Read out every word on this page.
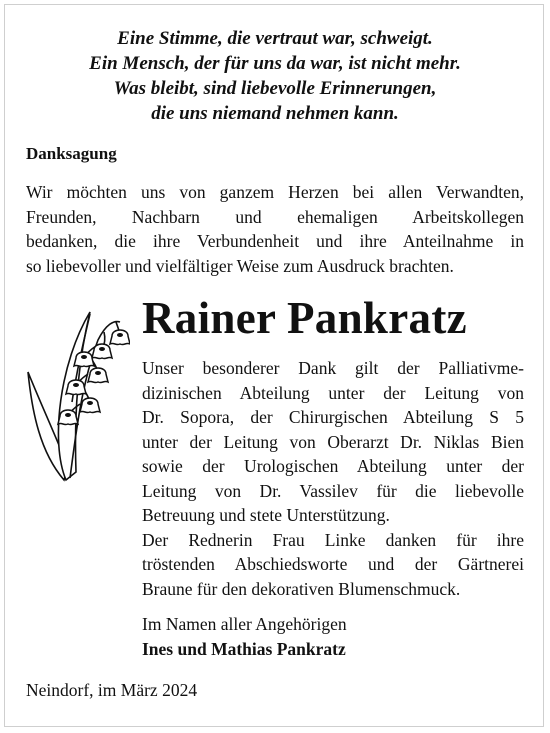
Eine Stimme, die vertraut war, schweigt.
Ein Mensch, der für uns da war, ist nicht mehr.
Was bleibt, sind liebevolle Erinnerungen,
die uns niemand nehmen kann.
Danksagung
Wir möchten uns von ganzem Herzen bei allen Verwandten,
Freunden, Nachbarn und ehemaligen Arbeitskollegen
bedanken, die ihre Verbundenheit und ihre Anteilnahme in
so liebevoller und vielfältiger Weise zum Ausdruck brachten.
Rainer Pankratz
Unser besonderer Dank gilt der Palliativme-
dizinischen Abteilung unter der Leitung von
Dr. Sopora, der Chirurgischen Abteilung S 5
unter der Leitung von Oberarzt Dr. Niklas Bien
sowie der Urologischen Abteilung unter der
Leitung von Dr. Vassilev für die liebevolle
Betreuung und stete Unterstützung.
Der Rednerin Frau Linke danken für ihre
tröstenden Abschiedsworte und der Gärtnerei
Braune für den dekorativen Blumenschmuck.
Im Namen aller Angehörigen
Ines und Mathias Pankratz
Neindorf, im März 2024
